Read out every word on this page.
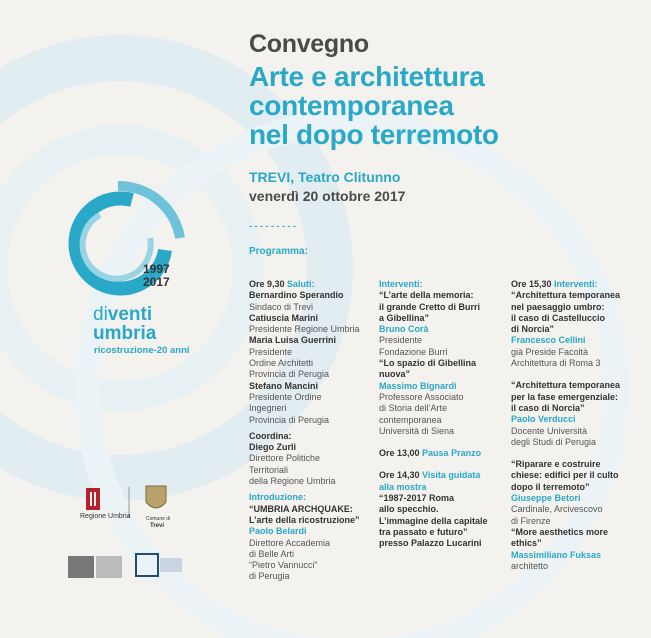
Convegno
Arte e architettura
contemporanea
nel dopo terremoto
TREVI, Teatro Clitunno
venerdì 20 ottobre 2017
- - - - - - - - -
Programma:
1997
2017
diventi
umbria
ricostruzione-20 anni
Regione Umbria	Comune di
Trevi
Ore 9,30 Saluti:
Bernardino Sperandio
Sindaco di Trevi
Catiuscia Marini
Presidente Regione Umbria
Maria Luisa Guerrini
Presidente
Ordine Architetti
Provincia di Perugia
Stefano Mancini
Presidente Ordine
Ingegneri
Provincia di Perugia
Coordina:
Diego Zurli
Direttore Politiche
Territoriali
della Regione Umbria
Introduzione:
“UMBRIA ARCHQUAKE:
L’arte della ricostruzione”
Paolo Belardi
Direttore Accademia
di Belle Arti
“Pietro Vannucci”
di Perugia
Interventi:
“L’arte della memoria:
il grande Cretto di Burri
a Gibellina”
Bruno Corà
Presidente
Fondazione Burri
“Lo spazio di Gibellina
nuova”
Massimo Bignardi
Professore Associato
di Storia dell’Arte
contemporanea
Università di Siena
Ore 13,00 Pausa Pranzo
Ore 14,30 Visita guidata
alla mostra
“1987-2017 Roma
allo specchio.
L’immagine della capitale
tra passato e futuro”
presso Palazzo Lucarini
Ore 15,30 Interventi:
“Architettura temporanea
nel paesaggio umbro:
il caso di Castelluccio
di Norcia”
Francesco Cellini
già Preside Facoltà
Architettura di Roma 3
“Architettura temporanea
per la fase emergenziale:
il caso di Norcia”
Paolo Verducci
Docente Università
degli Studi di Perugia
“Riparare e costruire
chiese: edifici per il culto
dopo il terremoto”
Giuseppe Betori
Cardinale, Arcivescovo
di Firenze
“More aesthetics more
ethics”
Massimiliano Fuksas
architetto
